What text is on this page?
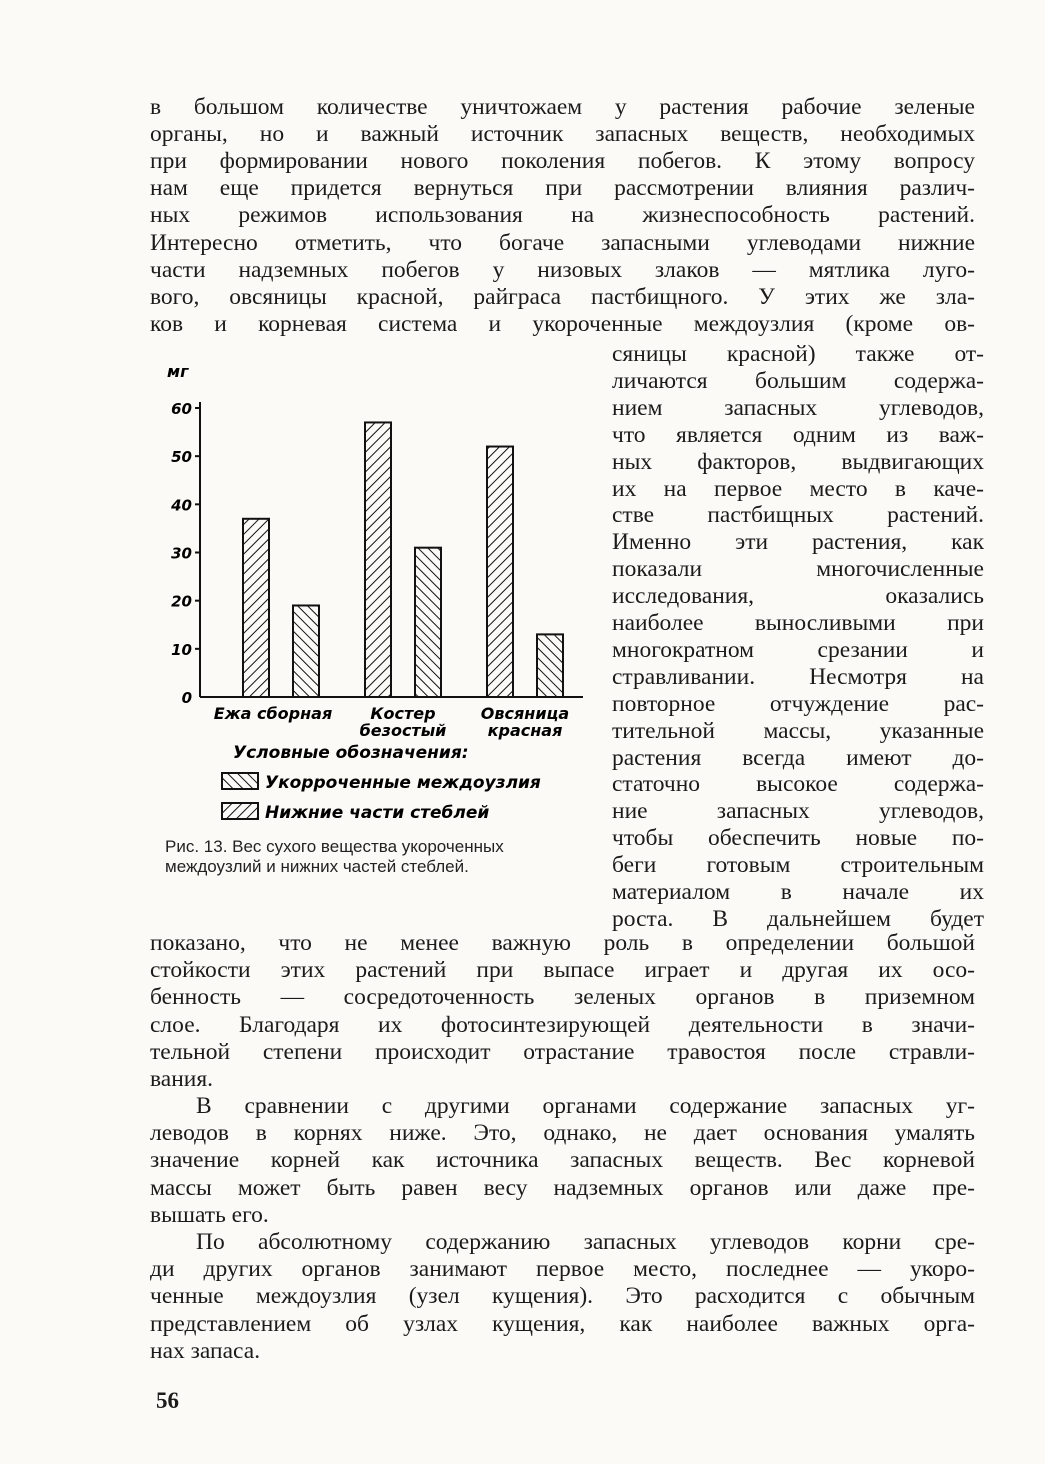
в большом количестве уничтожаем у растения рабочие зеленые
органы, но и важный источник запасных веществ, необходимых
при формировании нового поколения побегов. К этому вопросу
нам еще придется вернуться при рассмотрении влияния различ-
ных режимов использования на жизнеспособность растений.
Интересно отметить, что богаче запасными углеводами нижние
части надземных побегов у низовых злаков — мятлика луго-
вого, овсяницы красной, райграса пастбищного. У этих же зла-
ков и корневая система и укороченные междоузлия (кроме ов-
сяницы красной) также от-
личаются большим содержа-
нием запасных углеводов,
что является одним из важ-
ных факторов, выдвигающих
их на первое место в каче-
стве пастбищных растений.
Именно эти растения, как
показали многочисленные
исследования, оказались
наиболее выносливыми при
многократном срезании и
стравливании. Несмотря на
повторное отчуждение рас-
тительной массы, указанные
растения всегда имеют до-
статочно высокое содержа-
ние запасных углеводов,
чтобы обеспечить новые по-
беги готовым строительным
материалом в начале их
роста. В дальнейшем будет
показано, что не менее важную роль в определении большой
стойкости этих растений при выпасе играет и другая их осо-
бенность — сосредоточенность зеленых органов в приземном
слое. Благодаря их фотосинтезирующей деятельности в значи-
тельной степени происходит отрастание травостоя после стравли-
вания.
В сравнении с другими органами содержание запасных уг-
леводов в корнях ниже. Это, однако, не дает основания умалять
значение корней как источника запасных веществ. Вес корневой
массы может быть равен весу надземных органов или даже пре-
вышать его.
По абсолютному содержанию запасных углеводов корни сре-
ди других органов занимают первое место, последнее — укоро-
ченные междоузлия (узел кущения). Это расходится с обычным
представлением об узлах кущения, как наиболее важных орга-
нах запаса.
0
10
20
30
40
50
60
мг
Ежа сборная Костер
безостый
Овсяница
красная
Условные обозначения:
Укорроченные междоузлия
Нижние части стеблей
Рис. 13. Вес сухого вещества укороченных междоузлий и нижних частей стеблей.
56
